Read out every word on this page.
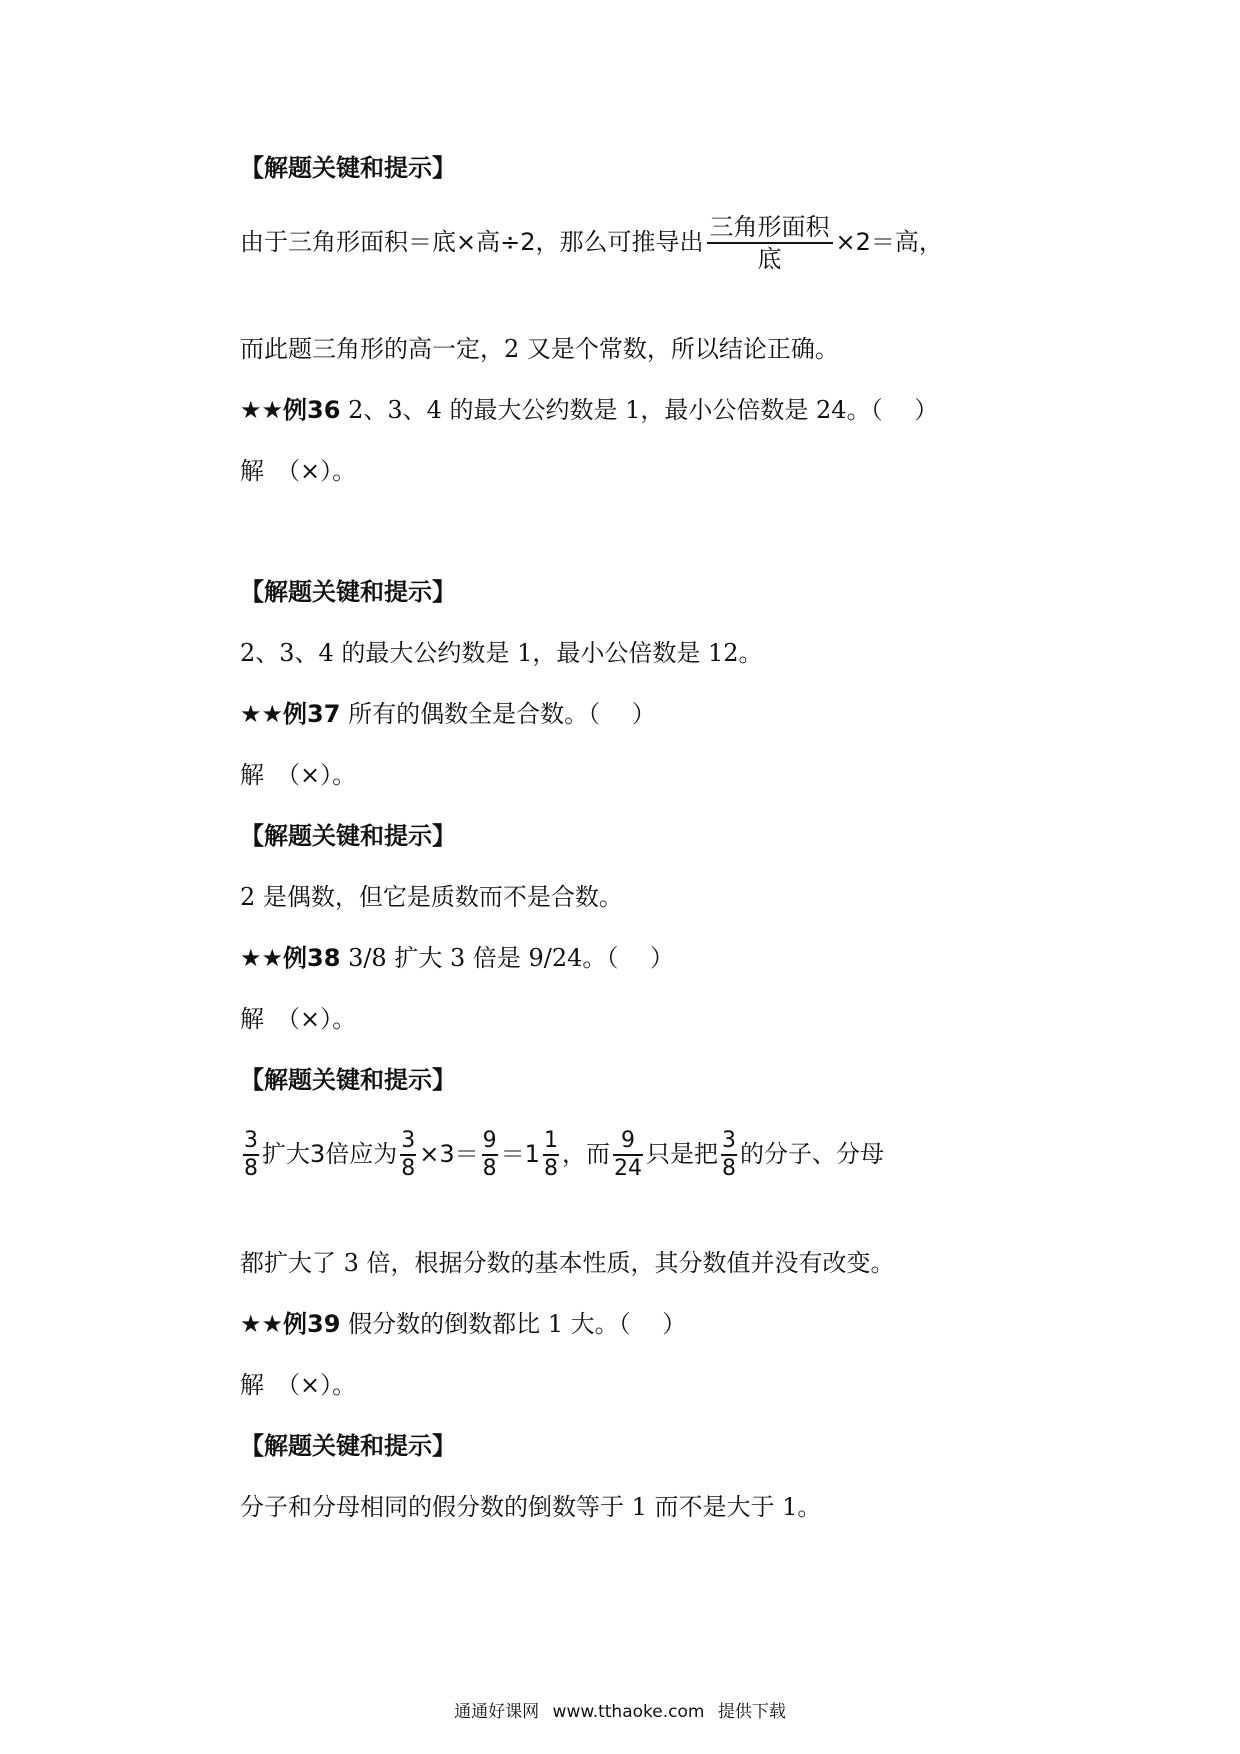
【解题关键和提示】
由于三角形面积＝底×高÷2，那么可推导出 $\frac{\text{三角形面积}}{\text{底}} \times 2=$高，
而此题三角形的高一定，2 又是个常数，所以结论正确。
★★例36 2、3、4 的最大公约数是 1，最小公倍数是 24。（　 ）
解　（×）。
【解题关键和提示】
2、3、4 的最大公约数是 1，最小公倍数是 12。
★★例37 所有的偶数全是合数。（　 ）
解　（×）。
【解题关键和提示】
2 是偶数，但它是质数而不是合数。
★★例38 3/8 扩大 3 倍是 9/24。（　 ）
解　（×）。
【解题关键和提示】
$\frac{3}{8}$ 扩大3倍应为 $\frac{3}{8} \times 3= \frac{9}{8} =1 \frac{1}{8}$ ，而 $\frac{9}{24}$ 只是把 $\frac{3}{8}$ 的分子、分母
都扩大了 3 倍，根据分数的基本性质，其分数值并没有改变。
★★例39 假分数的倒数都比 1 大。（　 ）
解　（×）。
【解题关键和提示】
分子和分母相同的假分数的倒数等于 1 而不是大于 1。
通通好课网 www.tthaoke.com 提供下载
